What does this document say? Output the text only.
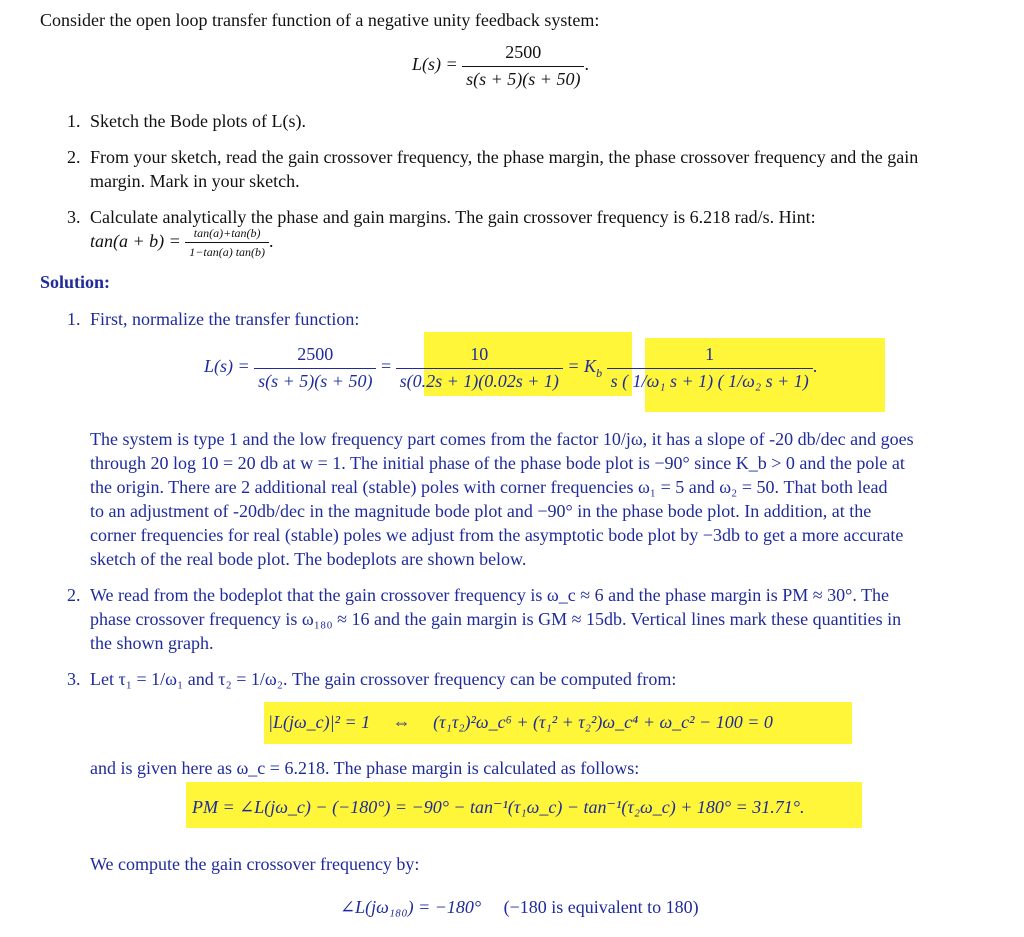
Consider the open loop transfer function of a negative unity feedback system:
$L(s) = \frac{2500}{s(s + 5)(s + 50)}$ .
1. Sketch the Bode plots of L(s).
2. From your sketch, read the gain crossover frequency, the phase margin, the phase crossover frequency and the gain
margin. Mark in your sketch.
3. Calculate analytically the phase and gain margins. The gain crossover frequency is 6.218 rad/s. Hint:
$\tan(a + b) = \frac{\tan(a)+\tan(b)}{1-\tan(a) \tan(b)}$ .
Solution:
1. First, normalize the transfer function:
$L(s) = \frac{2500}{s(s + 5)(s + 50)} = \frac{10}{s(0.2s + 1)(0.02s + 1)} = K_b \frac{1}{\text{s ( 1/ω₁ s + 1) ( 1/ω₂ s + 1)}}$ .
The system is type 1 and the low frequency part comes from the factor 10/jω, it has a slope of -20 db/dec and goes
through 20 log 10 = 20 db at w = 1. The initial phase of the phase bode plot is −90° since K_b > 0 and the pole at
the origin. There are 2 additional real (stable) poles with corner frequencies ω₁ = 5 and ω₂ = 50. That both lead
to an adjustment of -20db/dec in the magnitude bode plot and −90° in the phase bode plot. In addition, at the
corner frequencies for real (stable) poles we adjust from the asymptotic bode plot by −3db to get a more accurate
sketch of the real bode plot. The bodeplots are shown below.
2. We read from the bodeplot that the gain crossover frequency is ω_c ≈ 6 and the phase margin is PM ≈ 30°. The
phase crossover frequency is ω₁₈₀ ≈ 16 and the gain margin is GM ≈ 15db. Vertical lines mark these quantities in
the shown graph.
3. Let τ₁ = 1/ω₁ and τ₂ = 1/ω₂. The gain crossover frequency can be computed from:
|L(jω_c)|² = 1 ⇔ (τ₁τ₂)²ω_c⁶ + (τ₁² + τ₂²)ω_c⁴ + ω_c² − 100 = 0
and is given here as ω_c = 6.218. The phase margin is calculated as follows:
PM = ∠L(jω_c) − (−180°) = −90° − tan⁻¹(τ₁ω_c) − tan⁻¹(τ₂ω_c) + 180° = 31.71°.
We compute the gain crossover frequency by:
∠L(jω₁₈₀) = −180° (−180 is equivalent to 180)
